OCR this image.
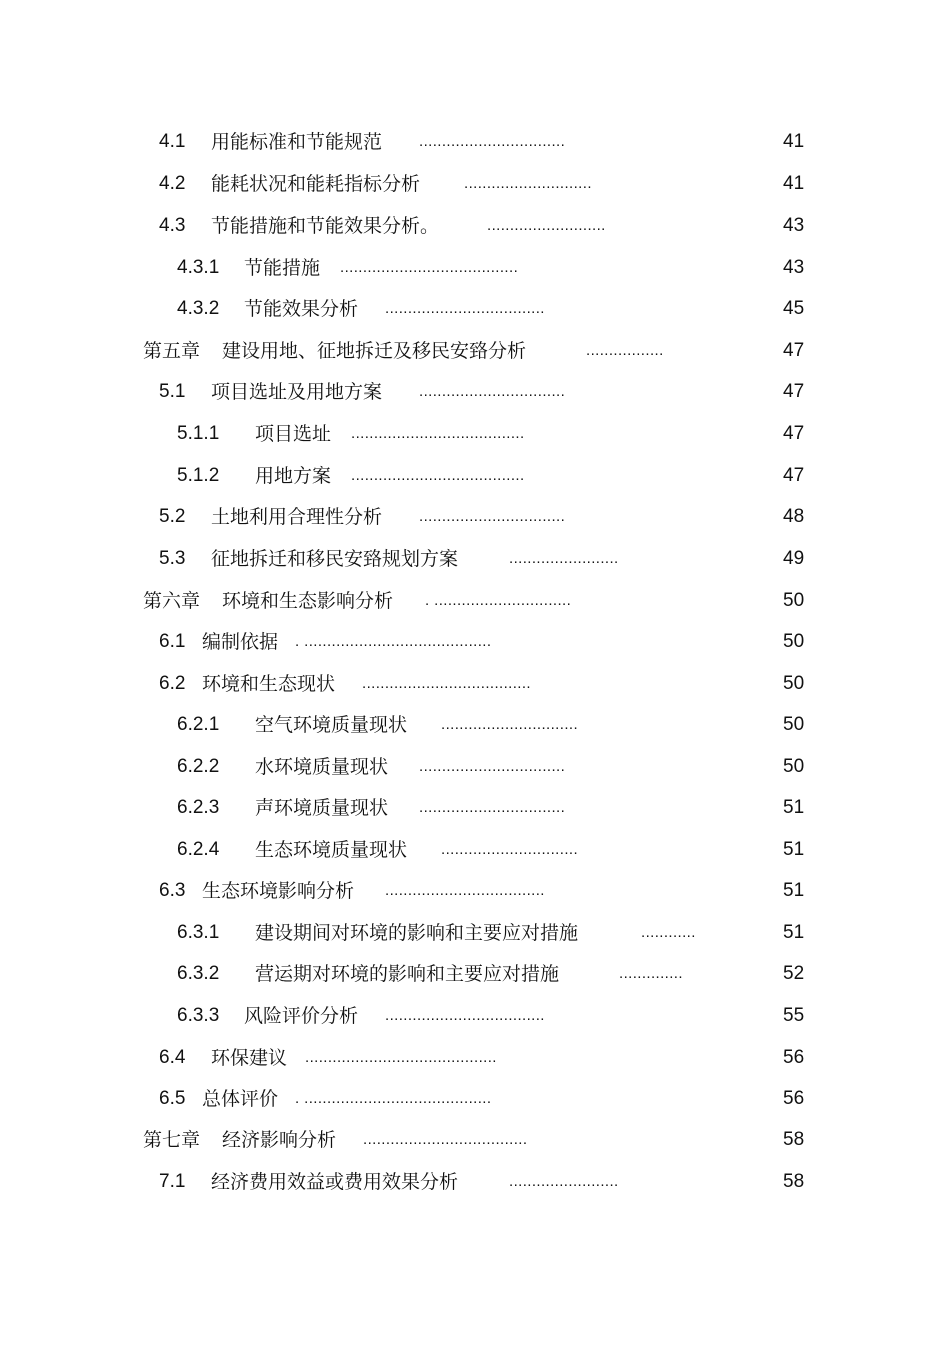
4.1 用能标准和节能规范 ................................	41
4.2 能耗状况和能耗指标分析	............................	41
4.3 节能措施和节能效果分析。	..........................	43
4.3.1 节能措施 .......................................	43
4.3.2 节能效果分析 ...................................	45
第五章 建设用地、征地拆迁及移民安臵分析	.................	47
5.1 项目选址及用地方案 ................................	47
5.1.1 项目选址 ......................................	47
5.1.2 用地方案 ......................................	47
5.2 土地利用合理性分析 ................................	48
5.3 征地拆迁和移民安臵规划方案	........................	49
第六章 环境和生态影响分析 . ..............................	50
6.1 编制依据 . .........................................	50
6.2 环境和生态现状 .....................................	50
6.2.1 空气环境质量现状 ..............................	50
6.2.2 水环境质量现状 ................................	50
6.2.3 声环境质量现状 ................................	51
6.2.4 生态环境质量现状 ..............................	51
6.3 生态环境影响分析 ...................................	51
6.3.1 建设期间对环境的影响和主要应对措施	............	51
6.3.2 营运期对环境的影响和主要应对措施	..............	52
6.3.3 风险评价分析 ...................................	55
6.4 环保建议 ..........................................	56
6.5 总体评价 . .........................................	56
第七章 经济影响分析 ....................................	58
7.1 经济费用效益或费用效果分析	........................	58
